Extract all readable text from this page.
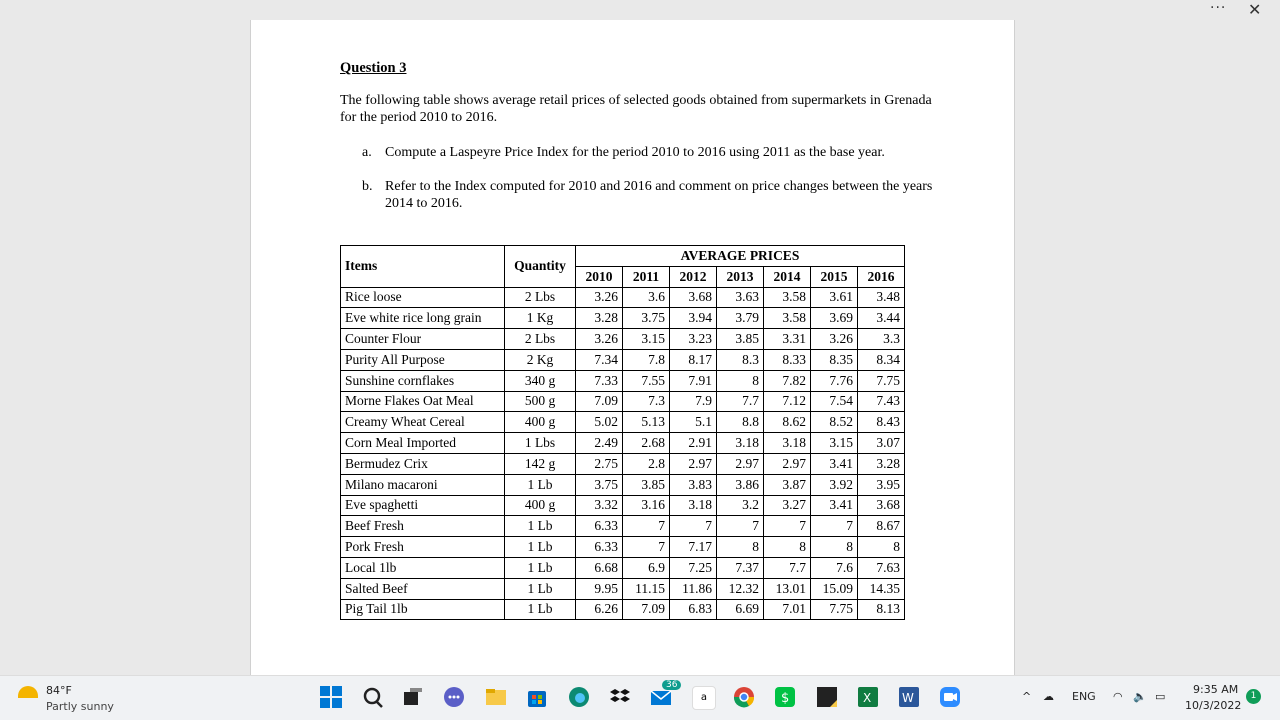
··· ✕
Question 3
The following table shows average retail prices of selected goods obtained from supermarkets in Grenada for the period 2010 to 2016.
a. Compute a Laspeyre Price Index for the period 2010 to 2016 using 2011 as the base year.
b. Refer to the Index computed for 2010 and 2016 and comment on price changes between the years 2014 to 2016.
Items	Quantity	AVERAGE PRICES						
		2010	2011	2012	2013	2014	2015	2016
Rice loose	2 Lbs	3.26	3.6	3.68	3.63	3.58	3.61	3.48
Eve white rice long grain	1 Kg	3.28	3.75	3.94	3.79	3.58	3.69	3.44
Counter Flour	2 Lbs	3.26	3.15	3.23	3.85	3.31	3.26	3.3
Purity All Purpose	2 Kg	7.34	7.8	8.17	8.3	8.33	8.35	8.34
Sunshine cornflakes	340 g	7.33	7.55	7.91	8	7.82	7.76	7.75
Morne Flakes Oat Meal	500 g	7.09	7.3	7.9	7.7	7.12	7.54	7.43
Creamy Wheat Cereal	400 g	5.02	5.13	5.1	8.8	8.62	8.52	8.43
Corn Meal Imported	1 Lbs	2.49	2.68	2.91	3.18	3.18	3.15	3.07
Bermudez Crix	142 g	2.75	2.8	2.97	2.97	2.97	3.41	3.28
Milano macaroni	1 Lb	3.75	3.85	3.83	3.86	3.87	3.92	3.95
Eve spaghetti	400 g	3.32	3.16	3.18	3.2	3.27	3.41	3.68
Beef Fresh	1 Lb	6.33	7	7	7	7	7	8.67
Pork Fresh	1 Lb	6.33	7	7.17	8	8	8	8
Local 1lb	1 Lb	6.68	6.9	7.25	7.37	7.7	7.6	7.63
Salted Beef	1 Lb	9.95	11.15	11.86	12.32	13.01	15.09	14.35
Pig Tail 1lb	1 Lb	6.26	7.09	6.83	6.69	7.01	7.75	8.13
84°F
Partly sunny
36
a	$	X	W	^ ☁ ENG ◠ 🔈 ▭
9:35 AM
10/3/2022
1
